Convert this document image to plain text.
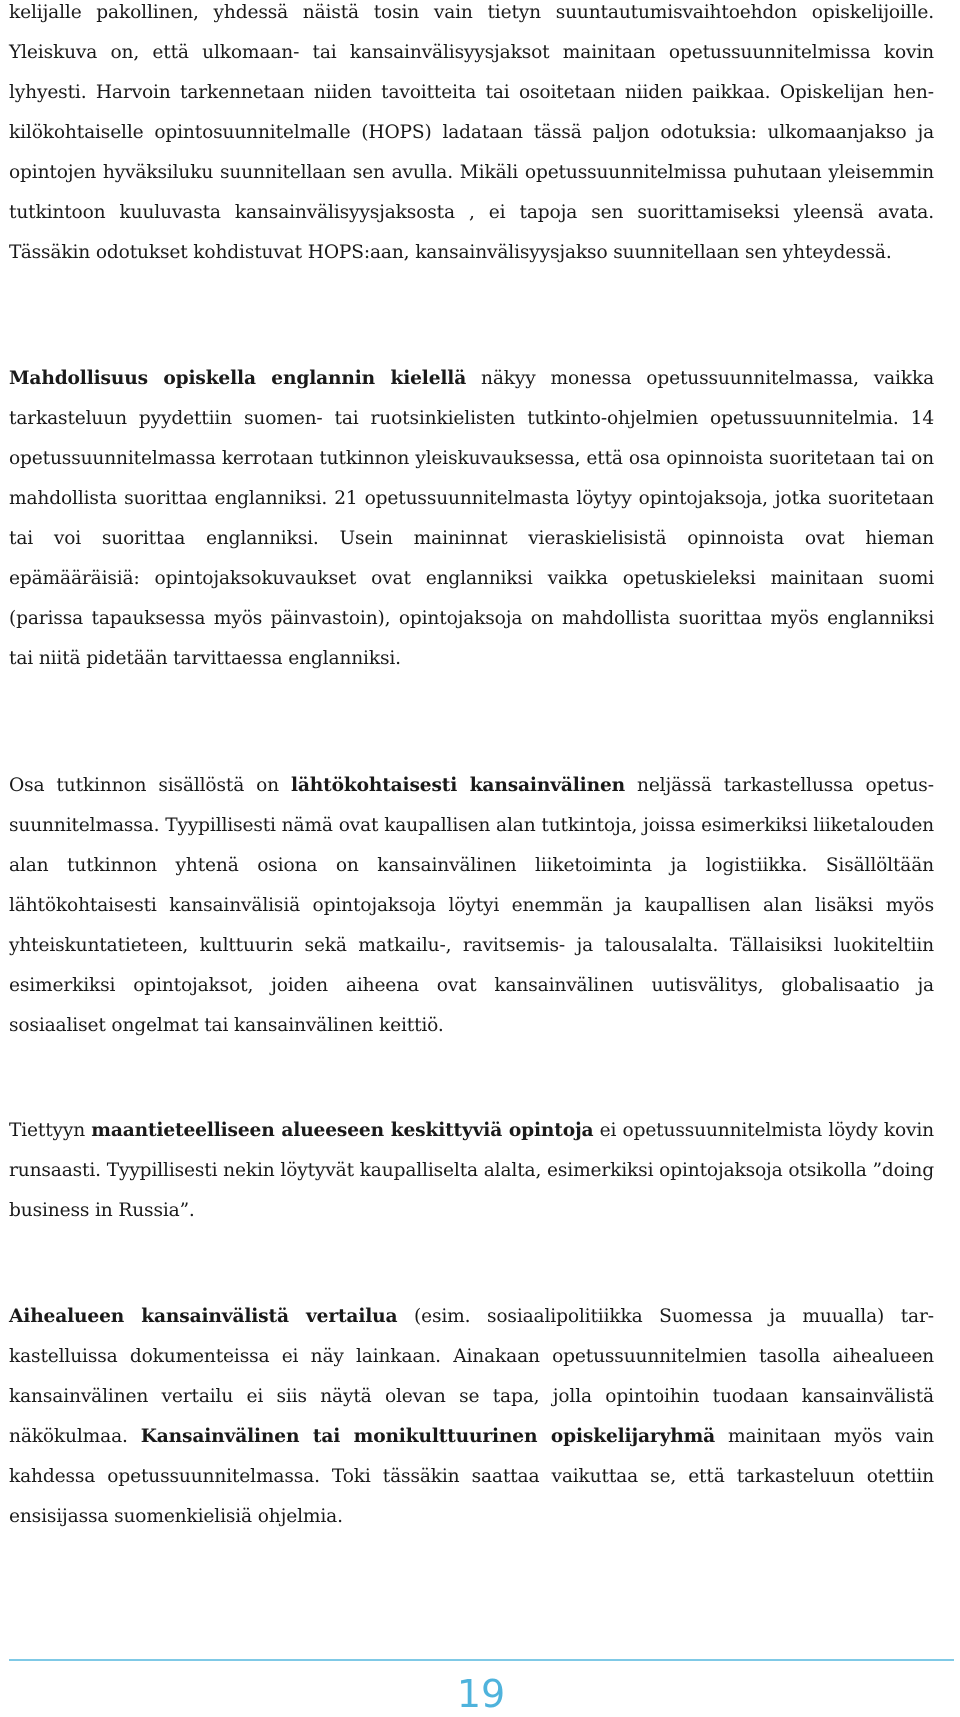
kelijalle pakollinen, yhdessä näistä tosin vain tietyn suuntautumisvaihtoehdon opiskelijoille. Yleiskuva on, että ulkomaan- tai kansainvälisyysjaksot mainitaan opetussuunnitelmissa kovin lyhyesti. Harvoin tarkennetaan niiden tavoitteita tai osoitetaan niiden paikkaa. Opiskelijan henkilökohtaiselle opintosuunnitelmalle (HOPS) ladataan tässä paljon odotuksia: ulkomaanjakso ja opintojen hyväksiluku suunnitellaan sen avulla. Mikäli opetussuunnitelmissa puhutaan yleisemmin tutkintoon kuuluvasta kansainvälisyysjaksosta , ei tapoja sen suorittamiseksi yleensä avata. Tässäkin odotukset kohdistuvat HOPS:aan, kansainvälisyysjakso suunnitellaan sen yhteydessä.

Mahdollisuus opiskella englannin kielellä näkyy monessa opetussuunnitelmassa, vaikka tarkasteluun pyydettiin suomen- tai ruotsinkielisten tutkinto-ohjelmien opetussuunnitelmia. 14 opetussuunnitelmassa kerrotaan tutkinnon yleiskuvauksessa, että osa opinnoista suoritetaan tai on mahdollista suorittaa englanniksi. 21 opetussuunnitelmasta löytyy opintojaksoja, jotka suoritetaan tai voi suorittaa englanniksi. Usein maininnat vieraskielisistä opinnoista ovat hieman epämääräisiä: opintojaksokuvaukset ovat englanniksi vaikka opetuskieleksi mainitaan suomi (parissa tapauksessa myös päinvastoin), opintojaksoja on mahdollista suorittaa myös englanniksi tai niitä pidetään tarvittaessa englanniksi.

Osa tutkinnon sisällöstä on lähtökohtaisesti kansainvälinen neljässä tarkastellussa opetussuunnitelmassa. Tyypillisesti nämä ovat kaupallisen alan tutkintoja, joissa esimerkiksi liiketalouden alan tutkinnon yhtenä osiona on kansainvälinen liiketoiminta ja logistiikka. Sisällöltään lähtökohtaisesti kansainvälisiä opintojaksoja löytyi enemmän ja kaupallisen alan lisäksi myös yhteiskuntatieteen, kulttuurin sekä matkailu-, ravitsemis- ja talousalalta. Tällaisiksi luokiteltiin esimerkiksi opintojaksot, joiden aiheena ovat kansainvälinen uutisvälitys, globalisaatio ja sosiaaliset ongelmat tai kansainvälinen keittiö.

Tiettyyn maantieteelliseen alueeseen keskittyviä opintoja ei opetussuunnitelmista löydy kovin runsaasti. Tyypillisesti nekin löytyvät kaupalliselta alalta, esimerkiksi opintojaksoja otsikolla ”doing business in Russia”.

Aihealueen kansainvälistä vertailua (esim. sosiaalipolitiikka Suomessa ja muualla) tarkastelluissa dokumenteissa ei näy lainkaan. Ainakaan opetussuunnitelmien tasolla aihealueen kansainvälinen vertailu ei siis näytä olevan se tapa, jolla opintoihin tuodaan kansainvälistä näkökulmaa. Kansainvälinen tai monikulttuurinen opiskelijaryhmä mainitaan myös vain kahdessa opetussuunnitelmassa. Toki tässäkin saattaa vaikuttaa se, että tarkasteluun otettiin ensisijassa suomenkielisiä ohjelmia.

19
